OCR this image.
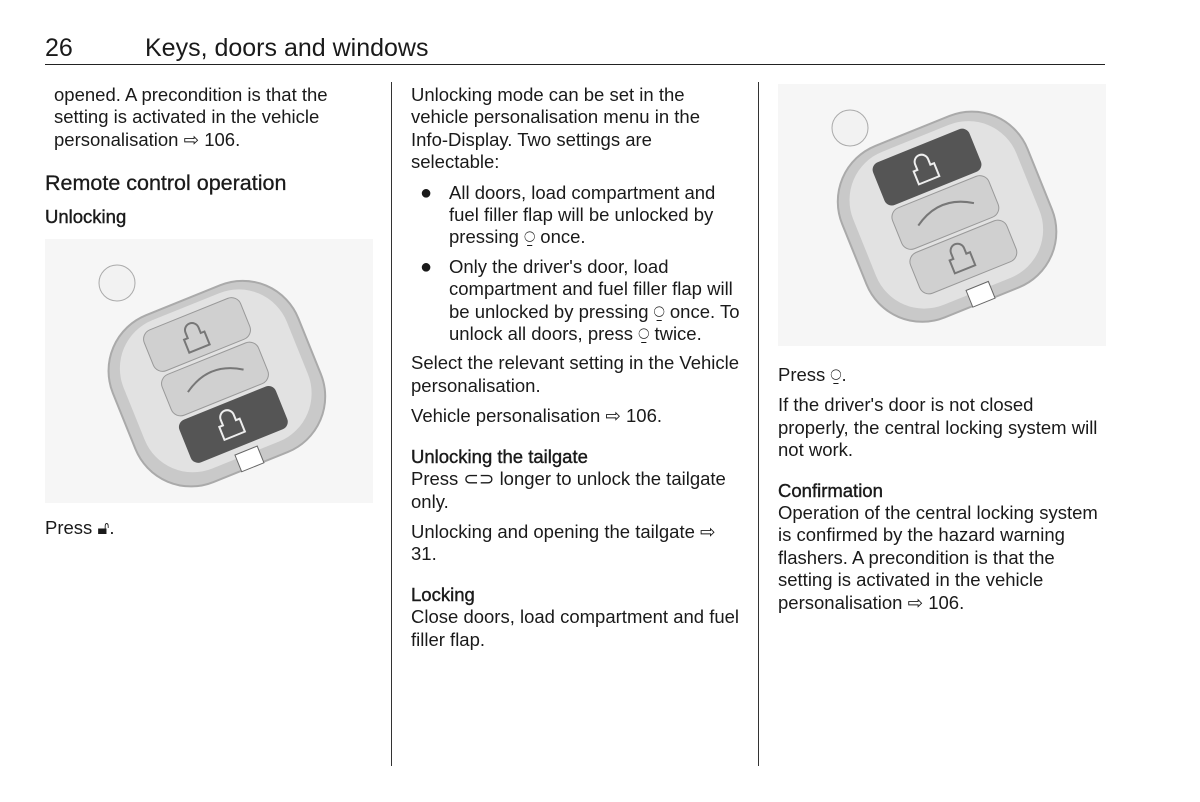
26	Keys, doors and windows

opened. A precondition is that the setting is activated in the vehicle personalisation ⇨ 106.

Remote control operation
Unlocking

Press 🔓︎.

Unlocking mode can be set in the vehicle personalisation menu in the Info-Display. Two settings are selectable:

● All doors, load compartment and fuel filler flap will be unlocked by pressing ⍜ once.
● Only the driver's door, load compartment and fuel filler flap will be unlocked by pressing ⍜ once. To unlock all doors, press ⍜ twice.

Select the relevant setting in the Vehicle personalisation.

Vehicle personalisation ⇨ 106.

Unlocking the tailgate

Press ⊂⊃ longer to unlock the tailgate only.

Unlocking and opening the tailgate ⇨ 31.

Locking

Close doors, load compartment and fuel filler flap.

Press ⍜.

If the driver's door is not closed properly, the central locking system will not work.

Confirmation

Operation of the central locking system is confirmed by the hazard warning flashers. A precondition is that the setting is activated in the vehicle personalisation ⇨ 106.
